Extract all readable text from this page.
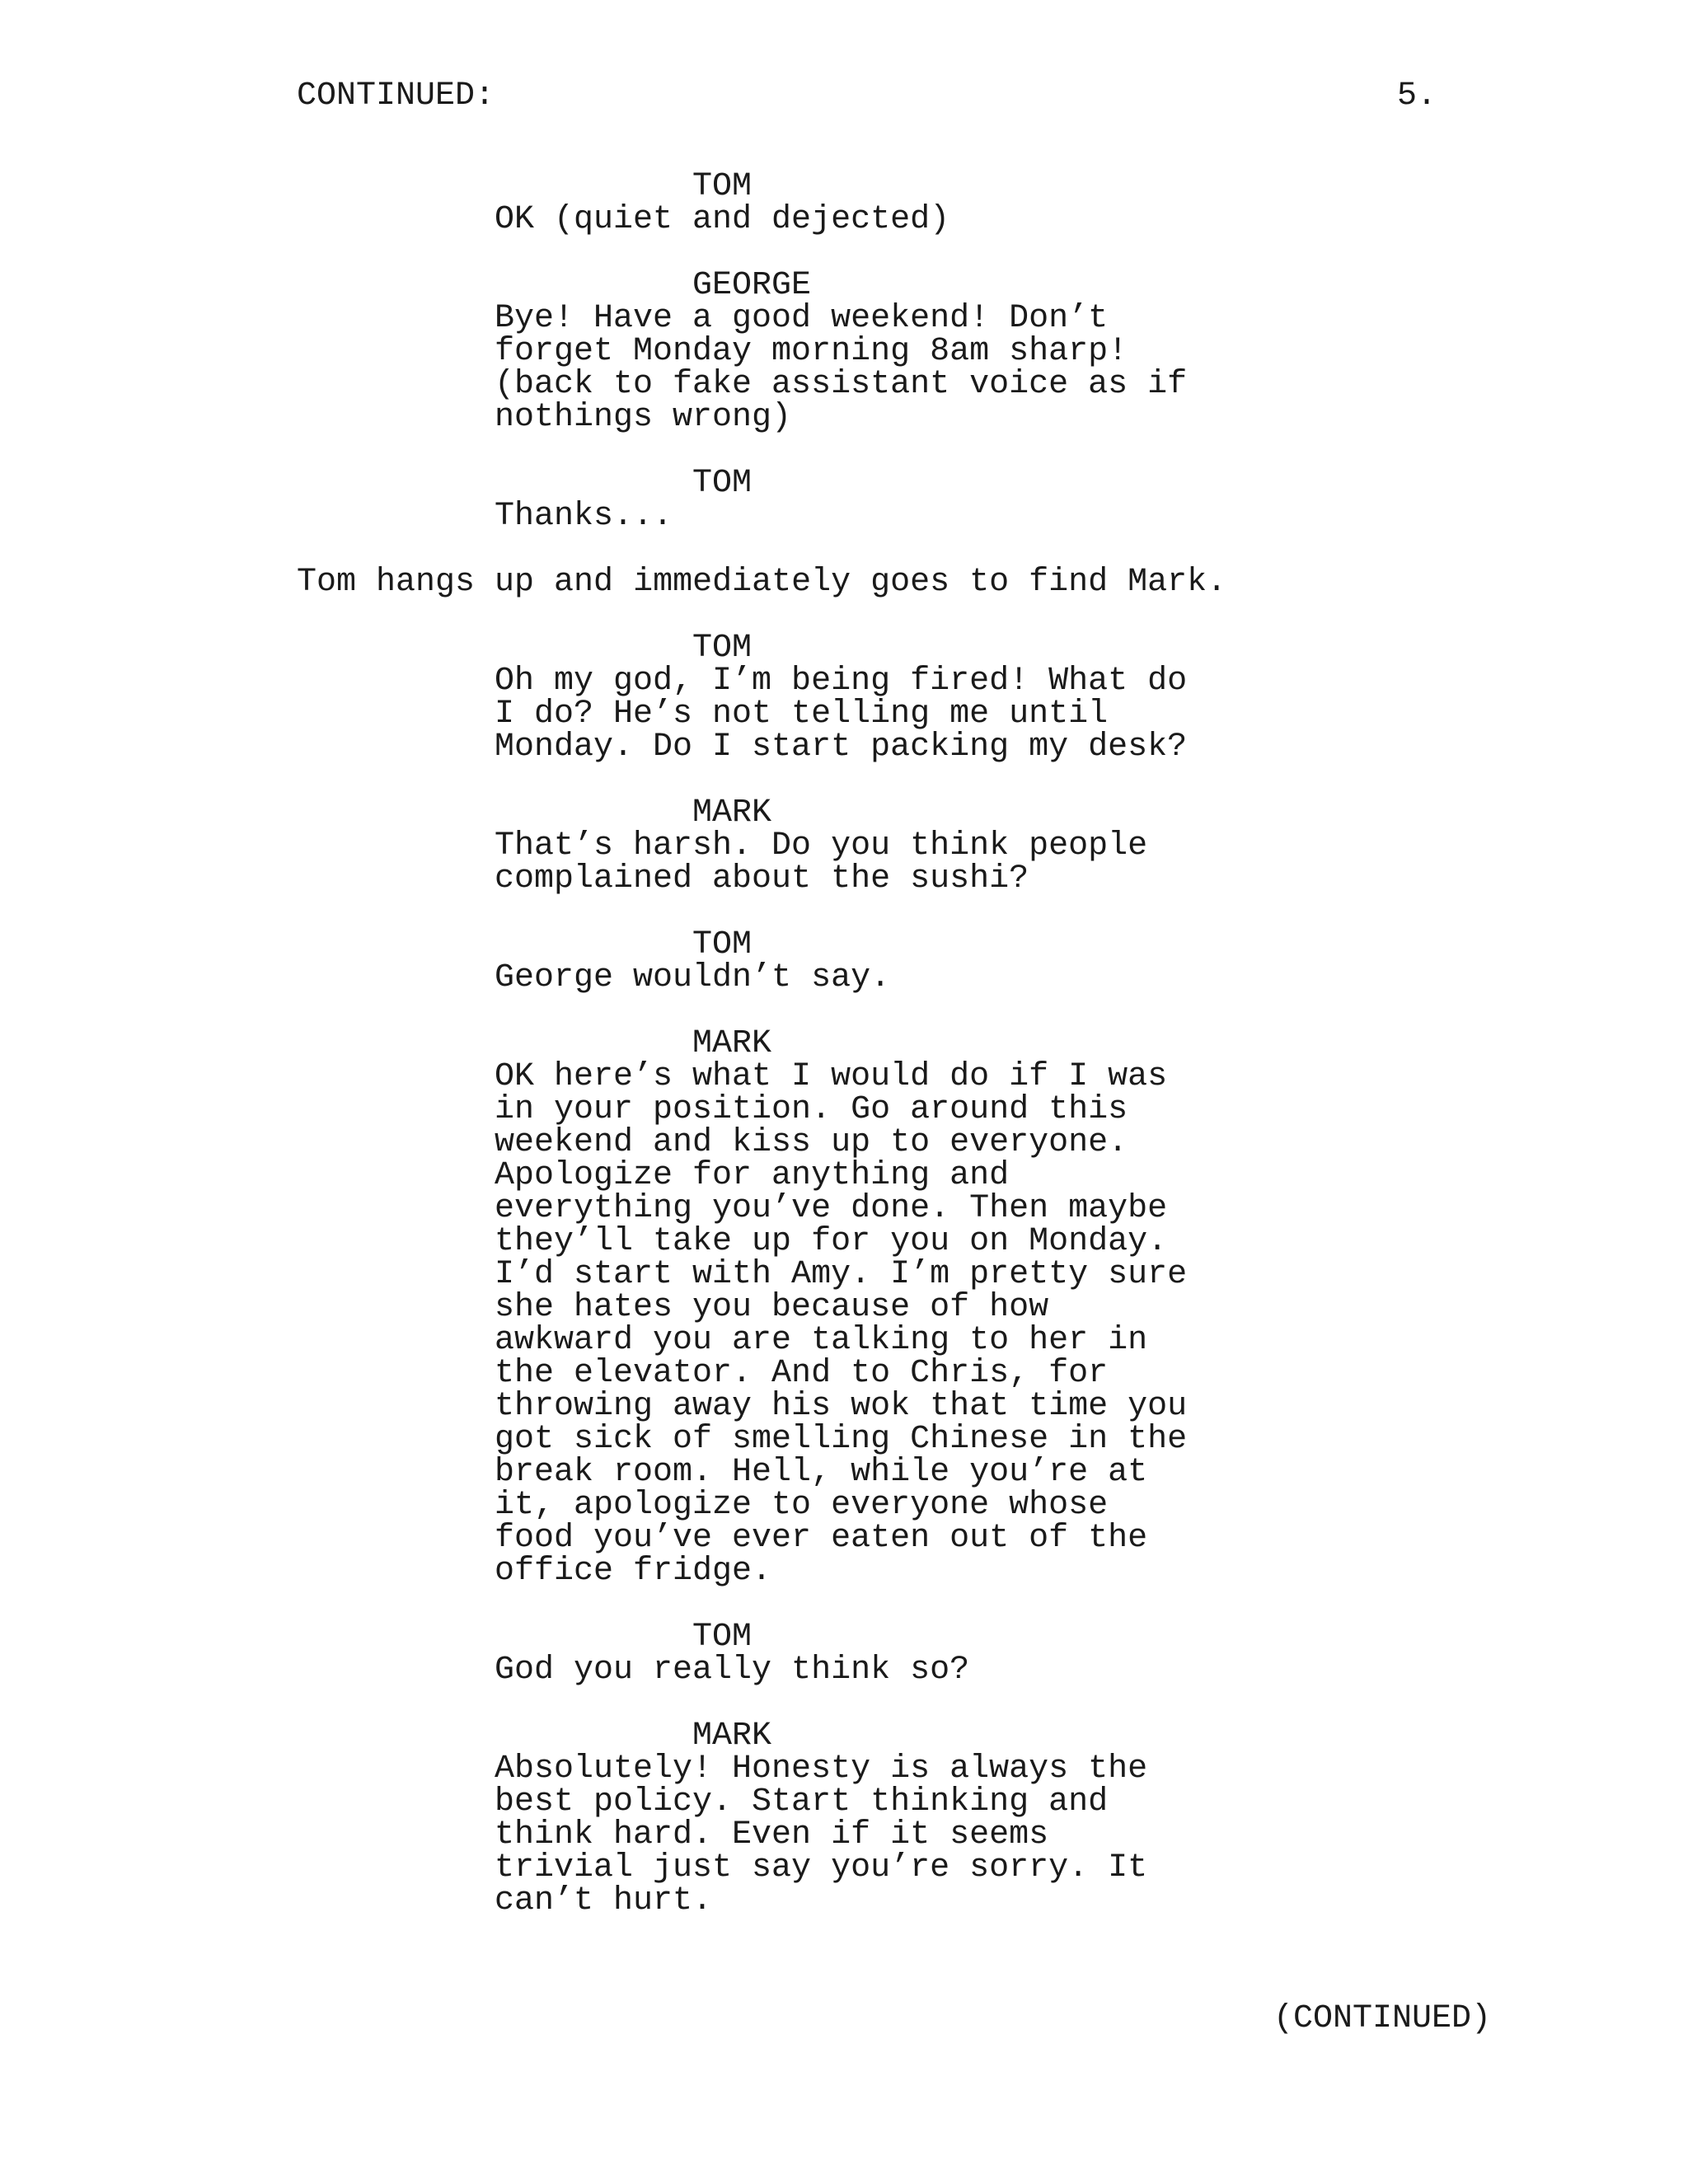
CONTINUED:	5.
TOM
OK (quiet and dejected)
GEORGE
Bye! Have a good weekend! Don’t
forget Monday morning 8am sharp!
(back to fake assistant voice as if
nothings wrong)
TOM
Thanks...
Tom hangs up and immediately goes to find Mark.
TOM
Oh my god, I’m being fired! What do
I do? He’s not telling me until
Monday. Do I start packing my desk?
MARK
That’s harsh. Do you think people
complained about the sushi?
TOM
George wouldn’t say.
MARK
OK here’s what I would do if I was
in your position. Go around this
weekend and kiss up to everyone.
Apologize for anything and
everything you’ve done. Then maybe
they’ll take up for you on Monday.
I’d start with Amy. I’m pretty sure
she hates you because of how
awkward you are talking to her in
the elevator. And to Chris, for
throwing away his wok that time you
got sick of smelling Chinese in the
break room. Hell, while you’re at
it, apologize to everyone whose
food you’ve ever eaten out of the
office fridge.
TOM
God you really think so?
MARK
Absolutely! Honesty is always the
best policy. Start thinking and
think hard. Even if it seems
trivial just say you’re sorry. It
can’t hurt.
(CONTINUED)
